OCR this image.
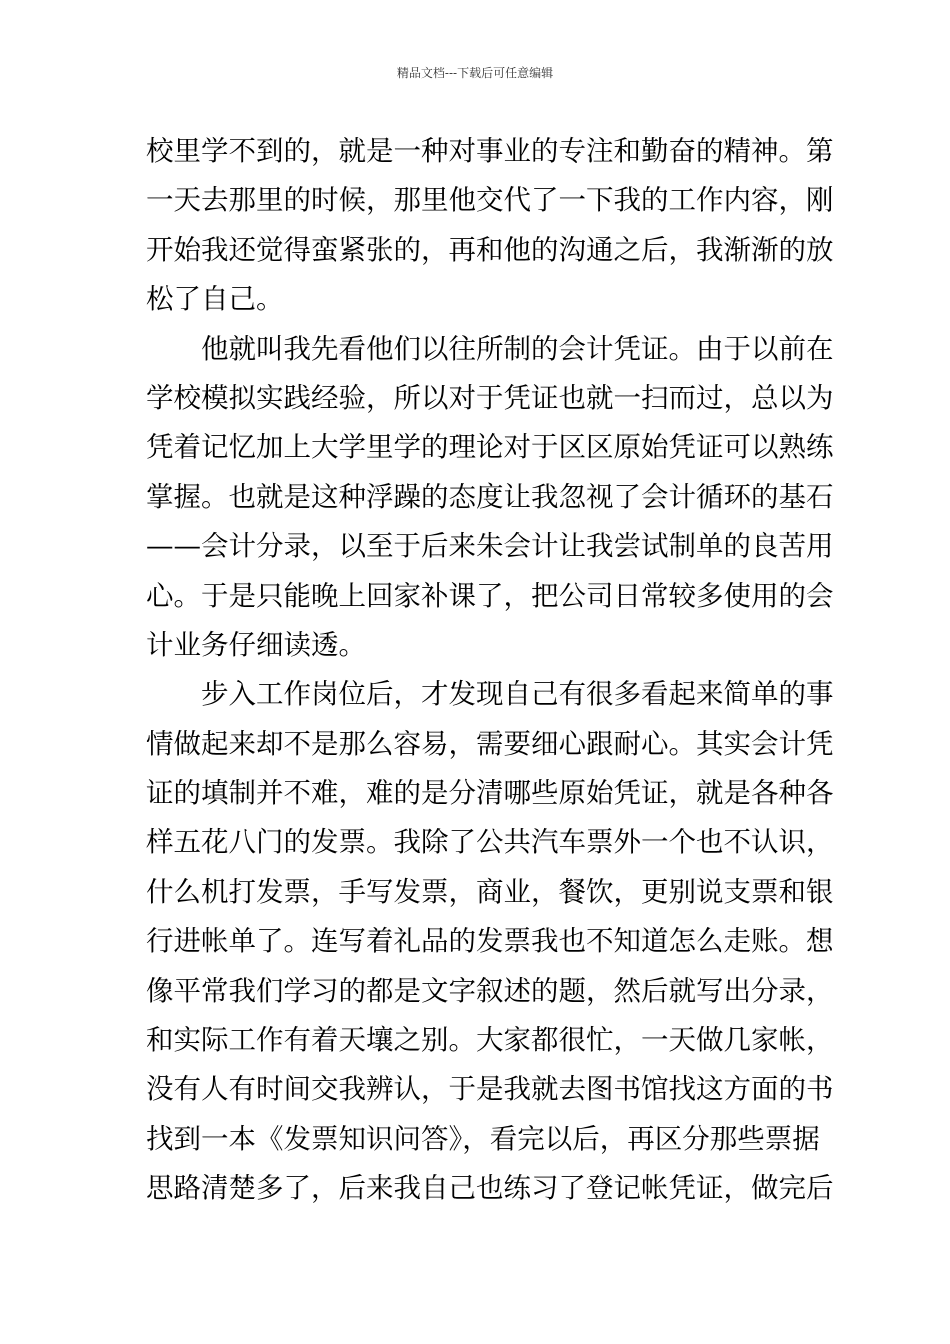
精品文档---下载后可任意编辑
校里学不到的，就是一种对事业的专注和勤奋的精神。第
一天去那里的时候，那里他交代了一下我的工作内容，刚
开始我还觉得蛮紧张的，再和他的沟通之后，我渐渐的放
松了自己。
他就叫我先看他们以往所制的会计凭证。由于以前在
学校模拟实践经验，所以对于凭证也就一扫而过，总以为
凭着记忆加上大学里学的理论对于区区原始凭证可以熟练
掌握。也就是这种浮躁的态度让我忽视了会计循环的基石
——会计分录，以至于后来朱会计让我尝试制单的良苦用
心。于是只能晚上回家补课了，把公司日常较多使用的会
计业务仔细读透。
步入工作岗位后，才发现自己有很多看起来简单的事
情做起来却不是那么容易，需要细心跟耐心。其实会计凭
证的填制并不难，难的是分清哪些原始凭证，就是各种各
样五花八门的发票。我除了公共汽车票外一个也不认识，
什么机打发票，手写发票，商业，餐饮，更别说支票和银
行进帐单了。连写着礼品的发票我也不知道怎么走账。想
像平常我们学习的都是文字叙述的题，然后就写出分录，
和实际工作有着天壤之别。大家都很忙，一天做几家帐，
没有人有时间交我辨认，于是我就去图书馆找这方面的书
找到一本《发票知识问答》，看完以后，再区分那些票据
思路清楚多了，后来我自己也练习了登记帐凭证，做完后
